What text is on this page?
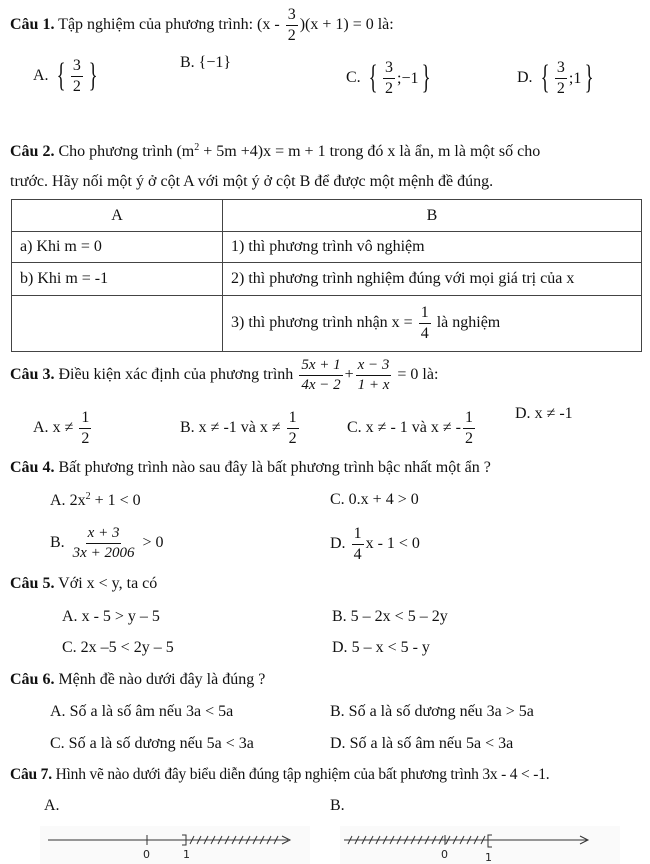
Câu 1. Tập nghiệm của phương trình: $(x - \frac{3}{2} )(x + 1) = 0$ là:
A. { $\frac{3}{2}$ }	B. { −1 }
C. { $\frac{3}{2}$ ;−1 }	D. { $\frac{3}{2}$ ;1 }
Câu 2. Cho phương trình $(m^2 + 5m +4)x = m + 1$ trong đó x là ẩn, m là một số cho
trước. Hãy nối một ý ở cột A với một ý ở cột B để được một mệnh đề đúng.
A	B
a) Khi m = 0	1) thì phương trình vô nghiệm
b) Khi m = -1	2) thì phương trình nghiệm đúng với mọi giá trị của x
	3) thì phương trình nhận $x = \frac{1}{4}$ là nghiệm
Câu 3. Điều kiện xác định của phương trình $\frac{5x + 1}{4x - 2} + \frac{x - 3}{1 + x} = 0$ là:
A. $x \ne \frac{1}{2}$	B. x ≠ -1 và $x \ne \frac{1}{2}$	C. x ≠ - 1 và x ≠ - $\frac{1}{2}$	D. x ≠ -1
Câu 4. Bất phương trình nào sau đây là bất phương trình bậc nhất một ẩn ?
A. $2x^2 + 1 < 0$	C. 0.x + 4 > 0
B. $\frac{x + 3}{3x + 2006} > 0$	D. $\frac{1}{4}$ x - 1 < 0
Câu 5. Với x < y, ta có
A. x - 5 > y – 5	B. 5 – 2x < 5 – 2y
C. 2x –5 < 2y – 5	D. 5 – x < 5 - y
Câu 6. Mệnh đề nào dưới đây là đúng ?
A. Số a là số âm nếu 3a < 5a	B. Số a là số dương nếu 3a > 5a
C. Số a là số dương nếu 5a < 3a	D. Số a là số âm nếu 5a < 3a
Câu 7. Hình vẽ nào dưới đây biểu diễn đúng tập nghiệm của bất phương trình 3x - 4 < -1.
A.	B.
0	1	0	1
